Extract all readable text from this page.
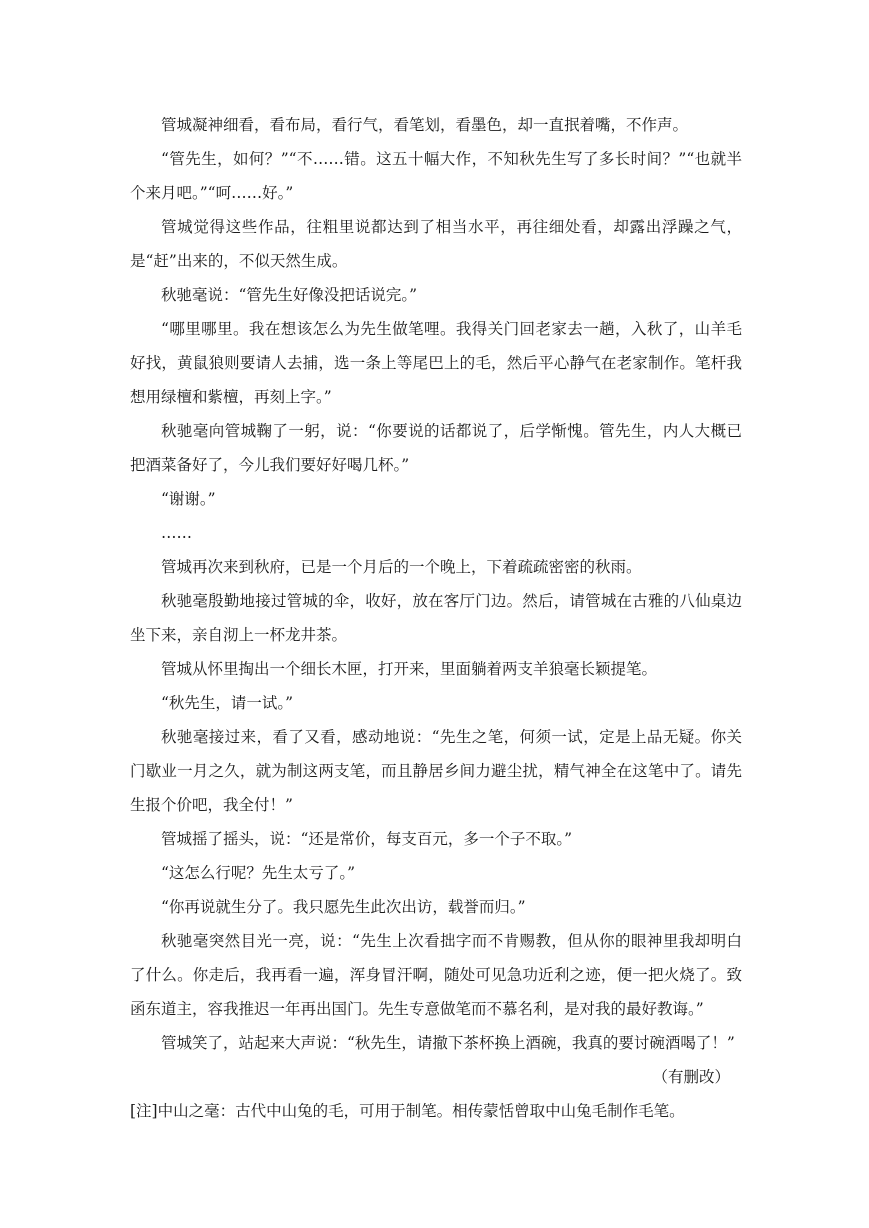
管城凝神细看，看布局，看行气，看笔划，看墨色，却一直抿着嘴，不作声。

“管先生，如何？”“不……错。这五十幅大作，不知秋先生写了多长时间？”“也就半个来月吧。”“呵……好。”

管城觉得这些作品，往粗里说都达到了相当水平，再往细处看，却露出浮躁之气，是“赶”出来的，不似天然生成。

秋驰毫说：“管先生好像没把话说完。”

“哪里哪里。我在想该怎么为先生做笔哩。我得关门回老家去一趟，入秋了，山羊毛好找，黄鼠狼则要请人去捕，选一条上等尾巴上的毛，然后平心静气在老家制作。笔杆我想用绿檀和紫檀，再刻上字。”

秋驰毫向管城鞠了一躬，说：“你要说的话都说了，后学惭愧。管先生，内人大概已把酒菜备好了，今儿我们要好好喝几杯。”

“谢谢。”

……

管城再次来到秋府，已是一个月后的一个晚上，下着疏疏密密的秋雨。

秋驰毫殷勤地接过管城的伞，收好，放在客厅门边。然后，请管城在古雅的八仙桌边坐下来，亲自沏上一杯龙井茶。

管城从怀里掏出一个细长木匣，打开来，里面躺着两支羊狼毫长颖提笔。

“秋先生，请一试。”

秋驰毫接过来，看了又看，感动地说：“先生之笔，何须一试，定是上品无疑。你关门歇业一月之久，就为制这两支笔，而且静居乡间力避尘扰，精气神全在这笔中了。请先生报个价吧，我全付！”

管城摇了摇头，说：“还是常价，每支百元，多一个子不取。”

“这怎么行呢？先生太亏了。”

“你再说就生分了。我只愿先生此次出访，载誉而归。”

秋驰毫突然目光一亮，说：“先生上次看拙字而不肯赐教，但从你的眼神里我却明白了什么。你走后，我再看一遍，浑身冒汗啊，随处可见急功近利之迹，便一把火烧了。致函东道主，容我推迟一年再出国门。先生专意做笔而不慕名利，是对我的最好教诲。”

管城笑了，站起来大声说：“秋先生，请撤下茶杯换上酒碗，我真的要讨碗酒喝了！”

（有删改）

[注]中山之毫：古代中山兔的毛，可用于制笔。相传蒙恬曾取中山兔毛制作毛笔。
